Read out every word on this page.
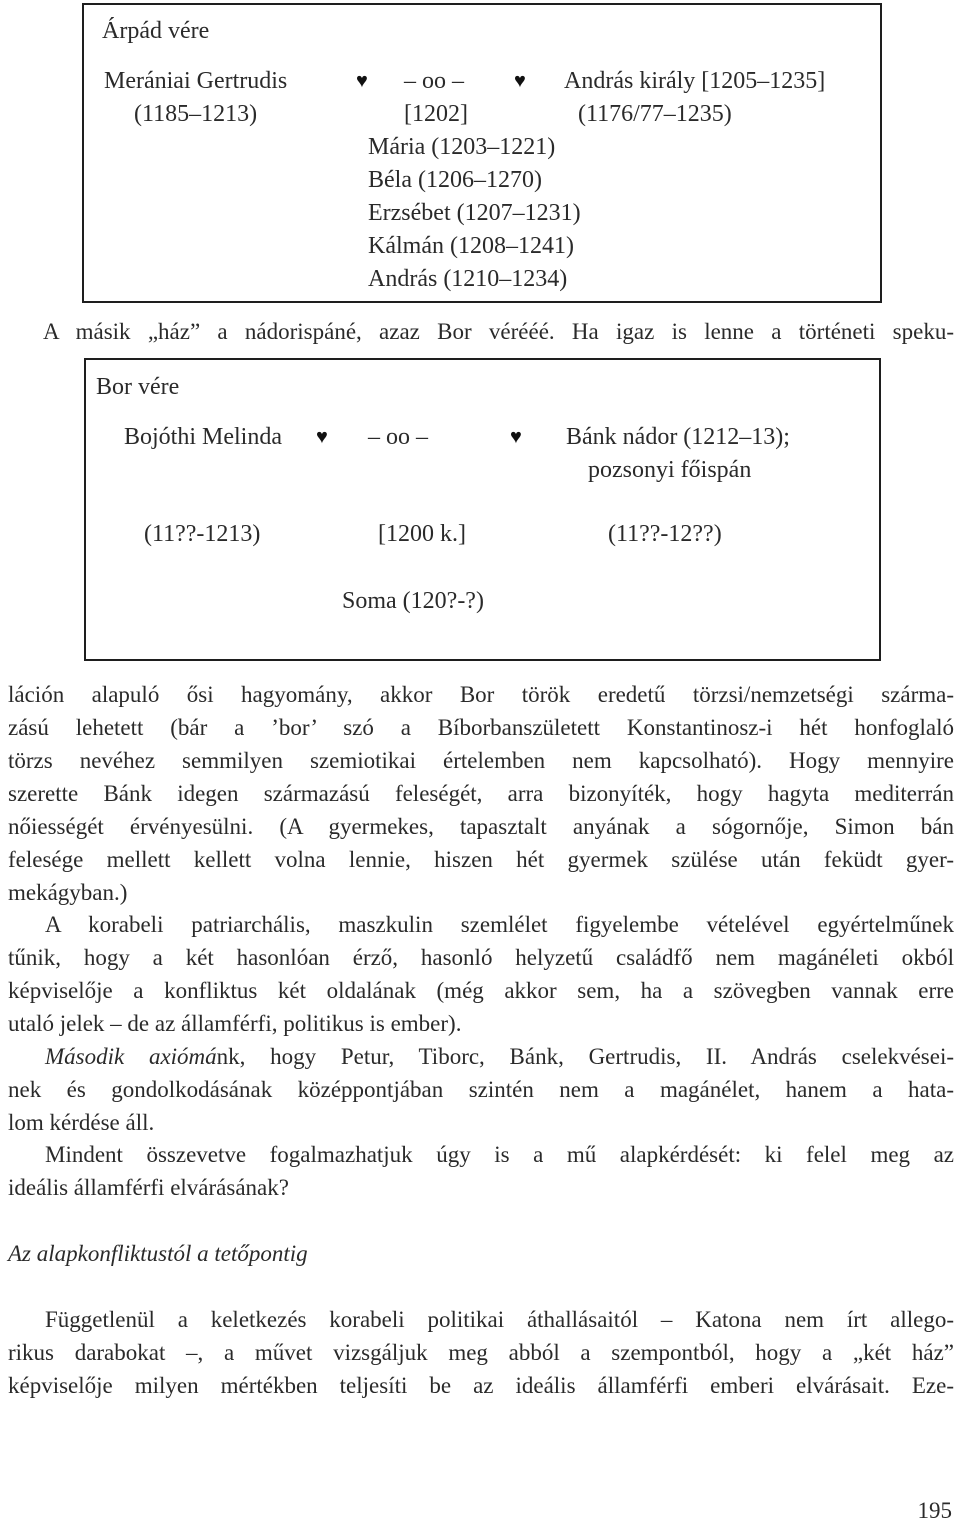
Árpád vére
Merániai Gertrudis	♥ – oo –	♥ András király [1205–1235]
(1185–1213)	[1202]	(1176/77–1235)
Mária (1203–1221)
Béla (1206–1270)
Erzsébet (1207–1231)
Kálmán (1208–1241)
András (1210–1234)
A másik „ház” a nádorispáné, azaz Bor vérééé. Ha igaz is lenne a történeti speku-
Bor vére
Bojóthi Melinda ♥ – oo –	♥ Bánk nádor (1212–13);
pozsonyi főispán
(11??-1213)	[1200 k.]	(11??-12??)
Soma (120?-?)
láción alapuló ősi hagyomány, akkor Bor török eredetű törzsi/nemzetségi szárma-
zású lehetett (bár a ’bor’ szó a Bíborbanszületett Konstantinosz-i hét honfoglaló
törzs nevéhez semmilyen szemiotikai értelemben nem kapcsolható). Hogy mennyire
szerette Bánk idegen származású feleségét, arra bizonyíték, hogy hagyta mediterrán
nőiességét érvényesülni. (A gyermekes, tapasztalt anyának a sógornője, Simon bán
felesége mellett kellett volna lennie, hiszen hét gyermek szülése után feküdt gyer-
mekágyban.)
A korabeli patriarchális, maszkulin szemlélet figyelembe vételével egyértelműnek
tűnik, hogy a két hasonlóan érző, hasonló helyzetű családfő nem magánéleti okból
képviselője a konfliktus két oldalának (még akkor sem, ha a szövegben vannak erre
utaló jelek – de az államférfi, politikus is ember).
Második axiómánk, hogy Petur, Tiborc, Bánk, Gertrudis, II. András cselekvései-
nek és gondolkodásának középpontjában szintén nem a magánélet, hanem a hata-
lom kérdése áll.
Mindent összevetve fogalmazhatjuk úgy is a mű alapkérdését: ki felel meg az
ideális államférfi elvárásának?
Az alapkonfliktustól a tetőpontig
Függetlenül a keletkezés korabeli politikai áthallásaitól – Katona nem írt allego-
rikus darabokat –, a művet vizsgáljuk meg abból a szempontból, hogy a „két ház”
képviselője milyen mértékben teljesíti be az ideális államférfi emberi elvárásait. Eze-
195
